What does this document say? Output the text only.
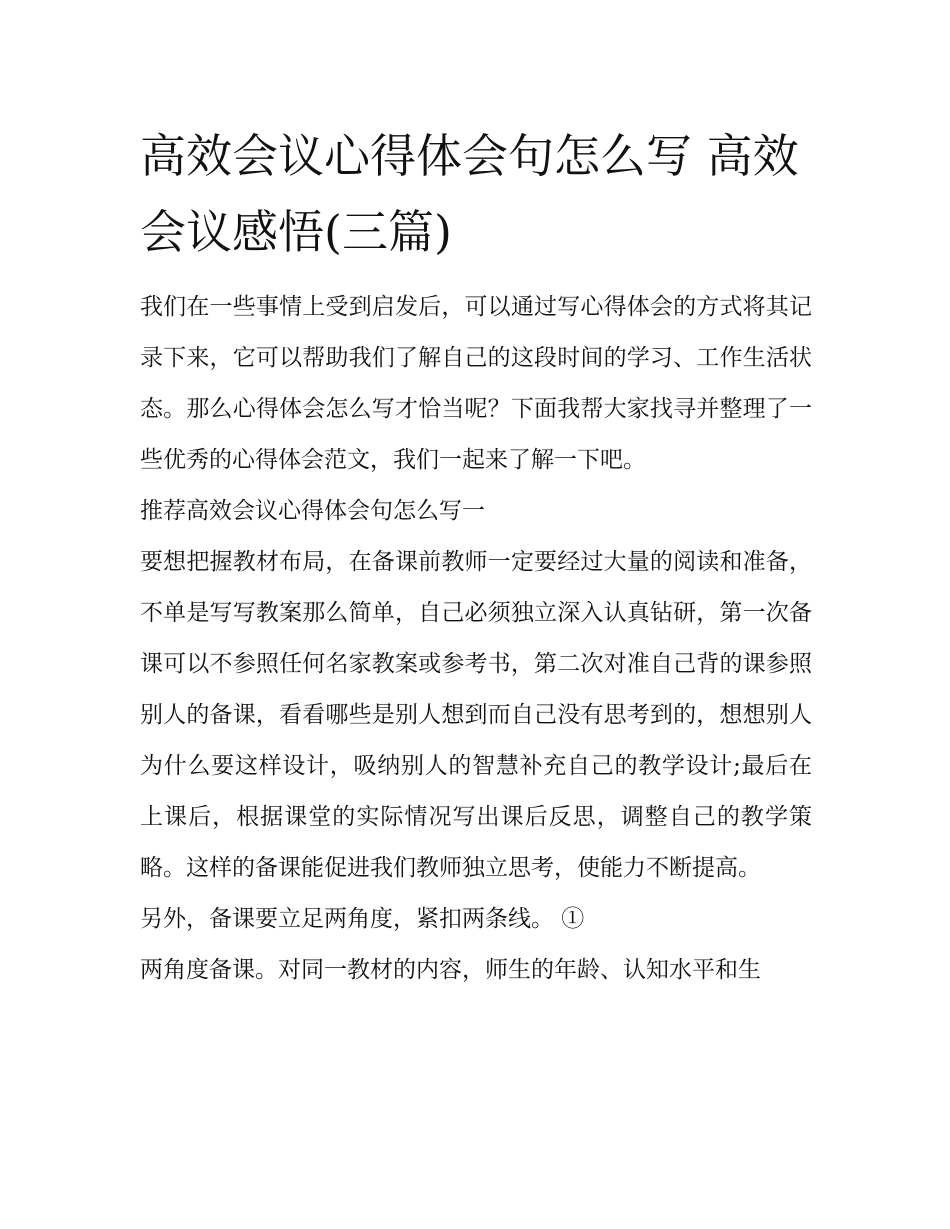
高效会议心得体会句怎么写 高效会议感悟(三篇)

我们在一些事情上受到启发后，可以通过写心得体会的方式将其记录下来，它可以帮助我们了解自己的这段时间的学习、工作生活状态。那么心得体会怎么写才恰当呢？下面我帮大家找寻并整理了一些优秀的心得体会范文，我们一起来了解一下吧。

推荐高效会议心得体会句怎么写一

要想把握教材布局，在备课前教师一定要经过大量的阅读和准备，不单是写写教案那么简单，自己必须独立深入认真钻研，第一次备课可以不参照任何名家教案或参考书，第二次对准自己背的课参照别人的备课，看看哪些是别人想到而自己没有思考到的，想想别人为什么要这样设计，吸纳别人的智慧补充自己的教学设计;最后在上课后，根据课堂的实际情况写出课后反思，调整自己的教学策略。这样的备课能促进我们教师独立思考，使能力不断提高。

另外，备课要立足两角度，紧扣两条线。 ①

两角度备课。对同一教材的内容，师生的年龄、认知水平和生
